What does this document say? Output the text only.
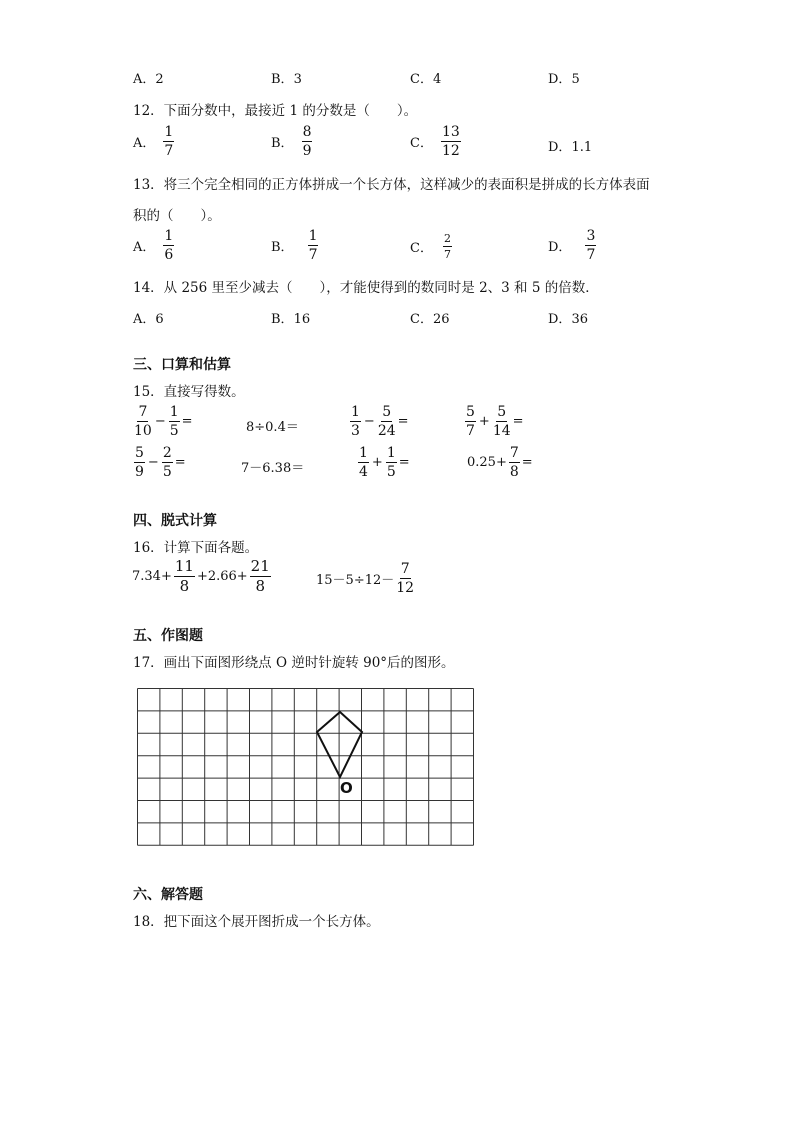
A．2	B．3	C．4	D．5
12．下面分数中，最接近 1 的分数是（　　）。
A． $\frac{1}{7}$	B． $\frac{8}{9}$	C． $\frac{13}{12}$	D．1.1
13．将三个完全相同的正方体拼成一个长方体，这样减少的表面积是拼成的长方体表面
积的（　　）。
A． $\frac{1}{6}$	B． $\frac{1}{7}$	C． $\frac{2}{7}$	D． $\frac{3}{7}$
14．从 256 里至少减去（　　），才能使得到的数同时是 2、3 和 5 的倍数．
A．6	B．16	C．26	D．36
三、口算和估算
15．直接写得数。
$\frac{7}{10} - \frac{1}{5}$ =	8÷0.4＝	$\frac{1}{3} - \frac{5}{24}$ =	$\frac{5}{7} + \frac{5}{14}$ =
$\frac{5}{9} - \frac{2}{5}$ =	7－6.38＝	$\frac{1}{4} + \frac{1}{5}$ =	$0.25+ \frac{7}{8}$ =
四、脱式计算
16．计算下面各题。
$7.34+ \frac{11}{8} +2.66+ \frac{21}{8}$	$15-5\div 12- \frac{7}{12}$
五、作图题
17．画出下面图形绕点 O 逆时针旋转 90°后的图形。
O
六、解答题
18．把下面这个展开图折成一个长方体。
